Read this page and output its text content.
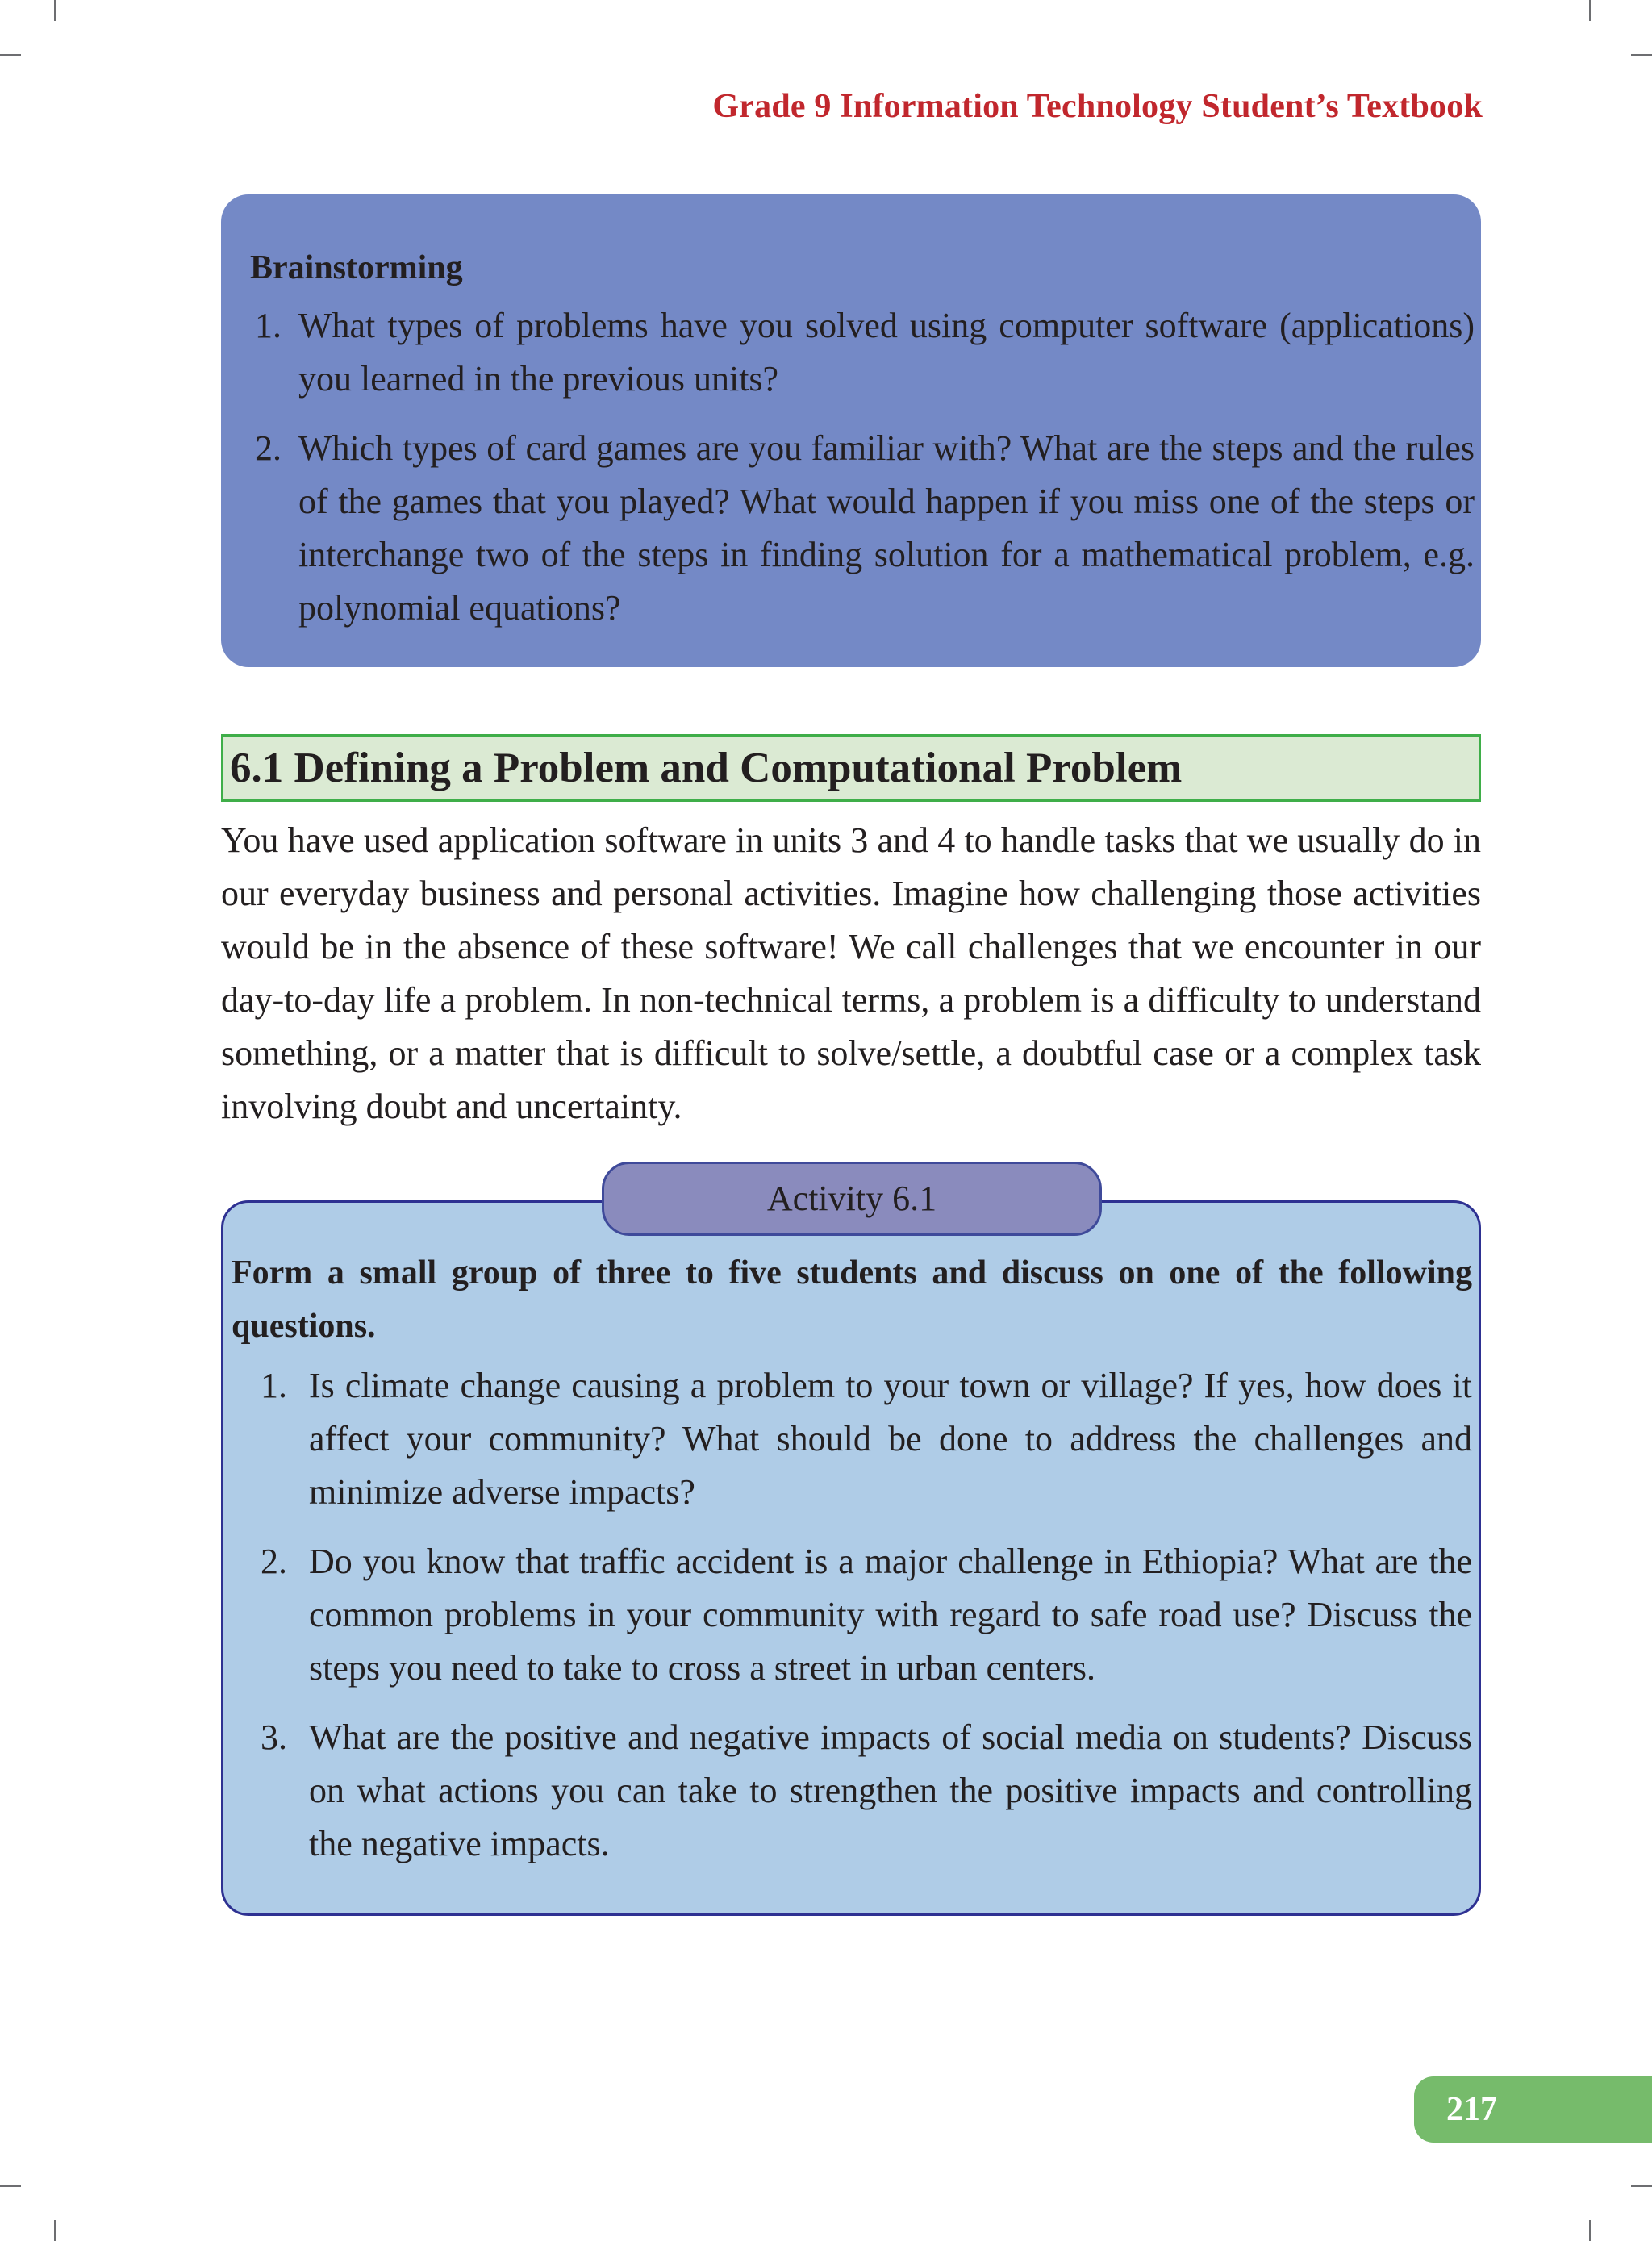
Grade 9 Information Technology Student’s Textbook
Brainstorming
1. What types of problems have you solved using computer software (applications) you learned in the previous units?
2. Which types of card games are you familiar with? What are the steps and the rules of the games that you played? What would happen if you miss one of the steps or interchange two of the steps in finding solution for a mathematical problem, e.g. polynomial equations?
6.1 Defining a Problem and Computational Problem

You have used application software in units 3 and 4 to handle tasks that we usually do in our everyday business and personal activities. Imagine how challenging those activities would be in the absence of these software! We call challenges that we encounter in our day-to-day life a problem. In non-technical terms, a problem is a difficulty to understand something, or a matter that is difficult to solve/settle, a doubtful case or a complex task involving doubt and uncertainty.

Form a small group of three to five students and discuss on one of the following questions.

1. Is climate change causing a problem to your town or village? If yes, how does it affect your community? What should be done to address the challenges and minimize adverse impacts?
2. Do you know that traffic accident is a major challenge in Ethiopia? What are the common problems in your community with regard to safe road use? Discuss the steps you need to take to cross a street in urban centers.
3. What are the positive and negative impacts of social media on students? Discuss on what actions you can take to strengthen the positive impacts and controlling the negative impacts.
Activity 6.1
217
